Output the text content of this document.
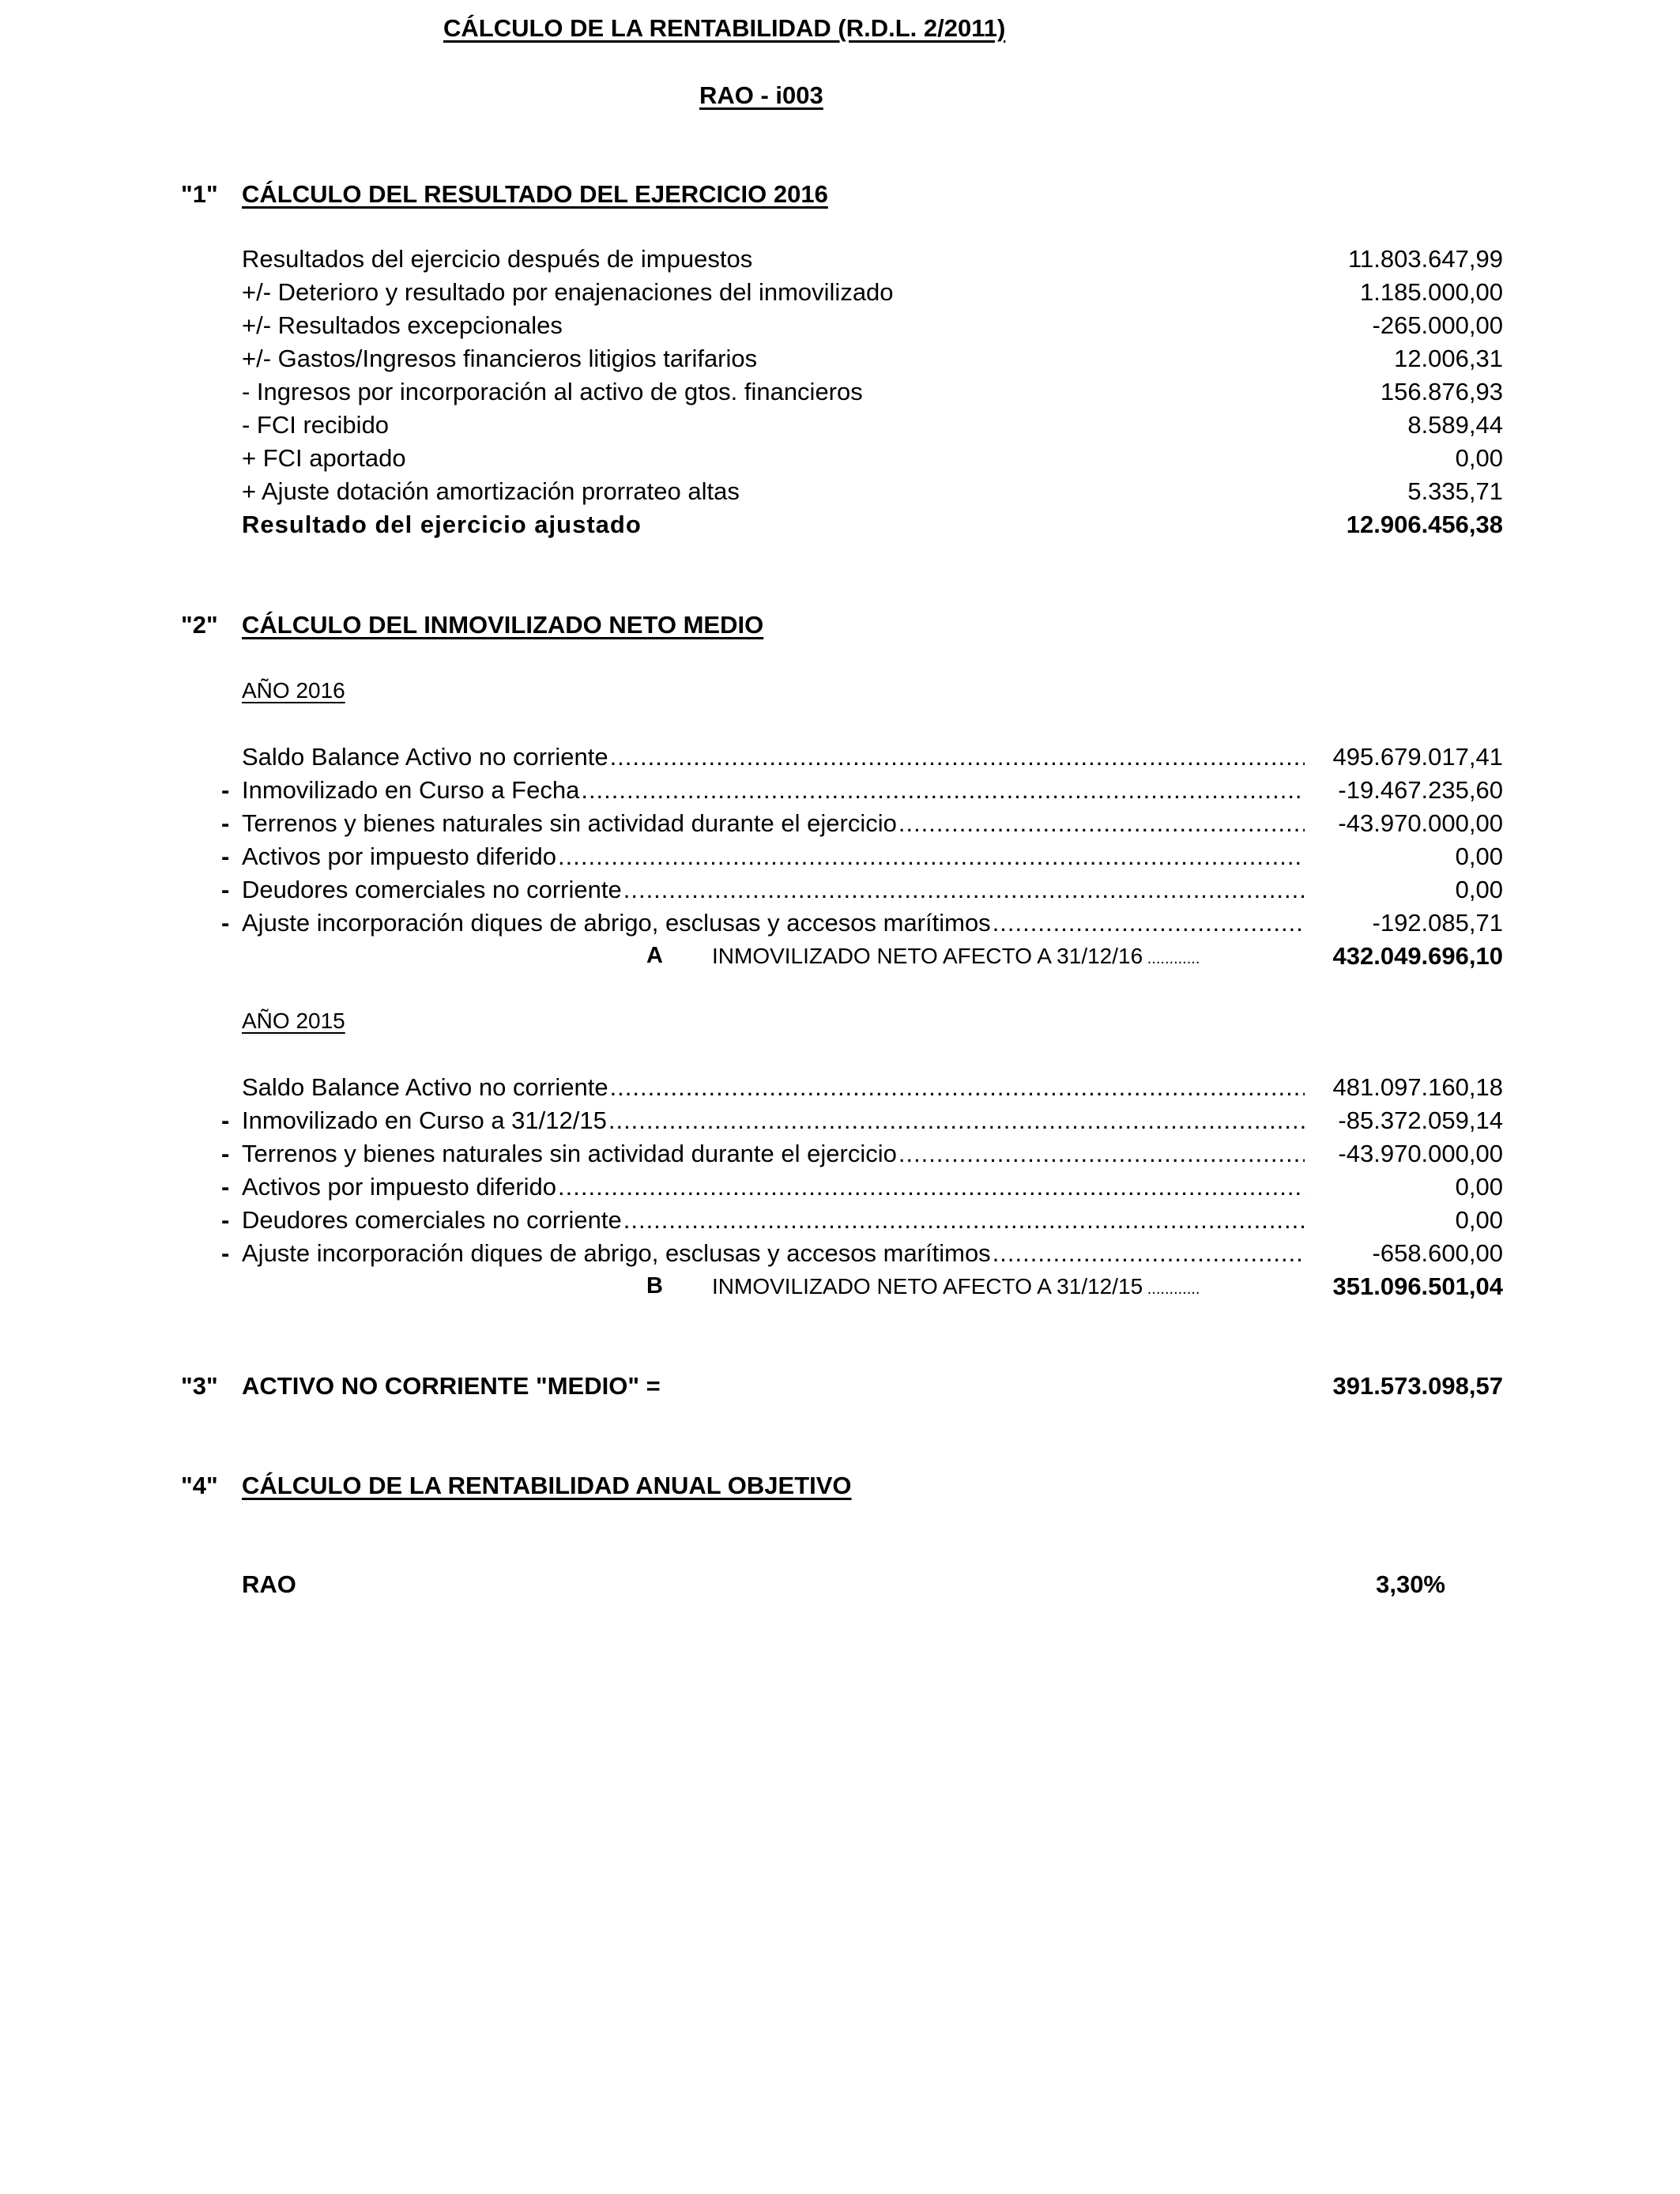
CÁLCULO DE LA RENTABILIDAD (R.D.L. 2/2011)
RAO - i003
"1" CÁLCULO DEL RESULTADO DEL EJERCICIO 2016
Resultados del ejercicio después de impuestos	11.803.647,99
+/- Deterioro y resultado por enajenaciones del inmovilizado	1.185.000,00
+/- Resultados excepcionales	-265.000,00
+/- Gastos/Ingresos financieros litigios tarifarios	12.006,31
- Ingresos por incorporación al activo de gtos. financieros	156.876,93
- FCI recibido	8.589,44
+ FCI aportado	0,00
+ Ajuste dotación amortización prorrateo altas	5.335,71
Resultado del ejercicio ajustado	12.906.456,38
"2" CÁLCULO DEL INMOVILIZADO NETO MEDIO
AÑO 2016
Saldo Balance Activo no corriente .....	495.679.017,41
- Inmovilizado en Curso a Fecha .....	-19.467.235,60
- Terrenos y bienes naturales sin actividad durante el ejercicio .....	-43.970.000,00
- Activos por impuesto diferido .....	0,00
- Deudores comerciales no corriente .....	0,00
- Ajuste incorporación diques de abrigo, esclusas y accesos marítimos .....	-192.085,71
A INMOVILIZADO NETO AFECTO A 31/12/16 ............	432.049.696,10
AÑO 2015
Saldo Balance Activo no corriente .....	481.097.160,18
- Inmovilizado en Curso a 31/12/15 .....	-85.372.059,14
- Terrenos y bienes naturales sin actividad durante el ejercicio .....	-43.970.000,00
- Activos por impuesto diferido .....	0,00
- Deudores comerciales no corriente .....	0,00
- Ajuste incorporación diques de abrigo, esclusas y accesos marítimos .....	-658.600,00
B INMOVILIZADO NETO AFECTO A 31/12/15 ............	351.096.501,04
"3" ACTIVO NO CORRIENTE "MEDIO" =	391.573.098,57
"4" CÁLCULO DE LA RENTABILIDAD ANUAL OBJETIVO
RAO	3,30%
